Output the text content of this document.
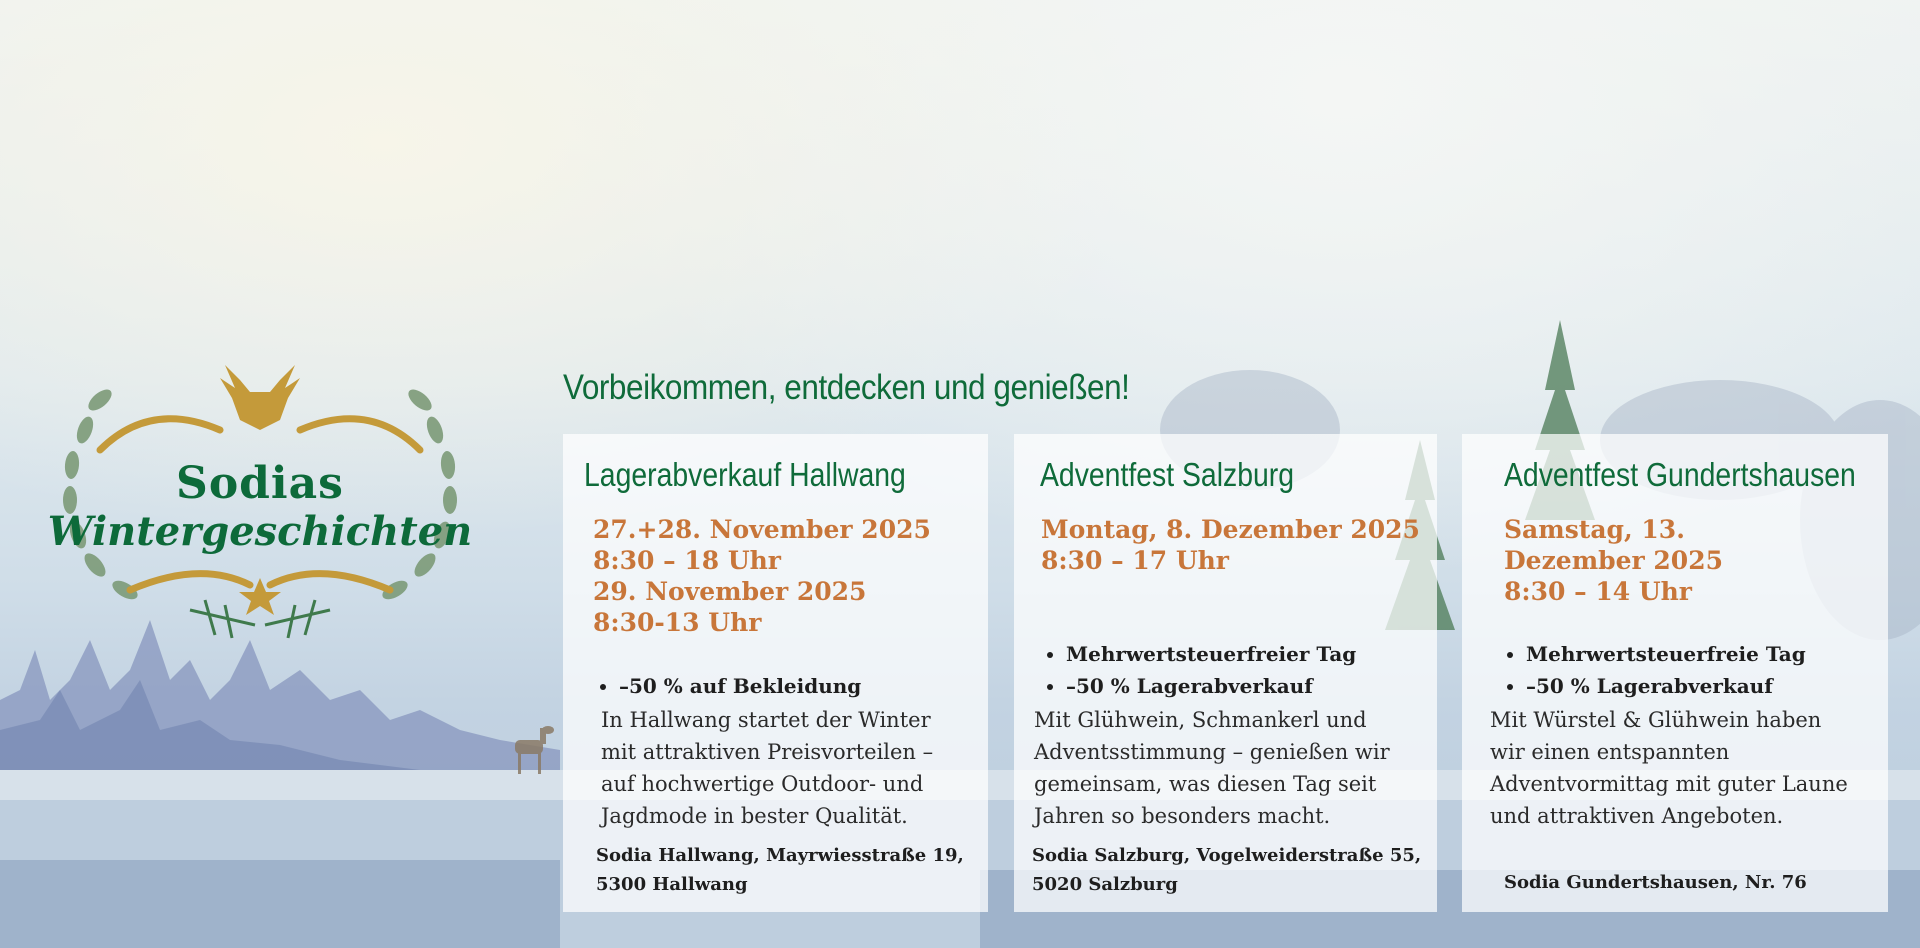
Sodias
Wintergeschichten
Vorbeikommen, entdecken und genießen!
Lagerabverkauf Hallwang
27.+28. November 2025
8:30 – 18 Uhr
29. November 2025
8:30-13 Uhr
• –50 % auf Bekleidung
In Hallwang startet der Winter
mit attraktiven Preisvorteilen –
auf hochwertige Outdoor- und
Jagdmode in bester Qualität.
Sodia Hallwang, Mayrwiesstraße 19,
5300 Hallwang
Adventfest Salzburg
Montag, 8. Dezember 2025
8:30 – 17 Uhr
• Mehrwertsteuerfreier Tag
• –50 % Lagerabverkauf
Mit Glühwein, Schmankerl und
Adventsstimmung – genießen wir
gemeinsam, was diesen Tag seit
Jahren so besonders macht.
Sodia Salzburg, Vogelweiderstraße 55,
5020 Salzburg
Adventfest Gundertshausen
Samstag, 13.
Dezember 2025
8:30 – 14 Uhr
• Mehrwertsteuerfreie Tag
• –50 % Lagerabverkauf
Mit Würstel & Glühwein haben
wir einen entspannten
Adventvormittag mit guter Laune
und attraktiven Angeboten.
Sodia Gundertshausen, Nr. 76
